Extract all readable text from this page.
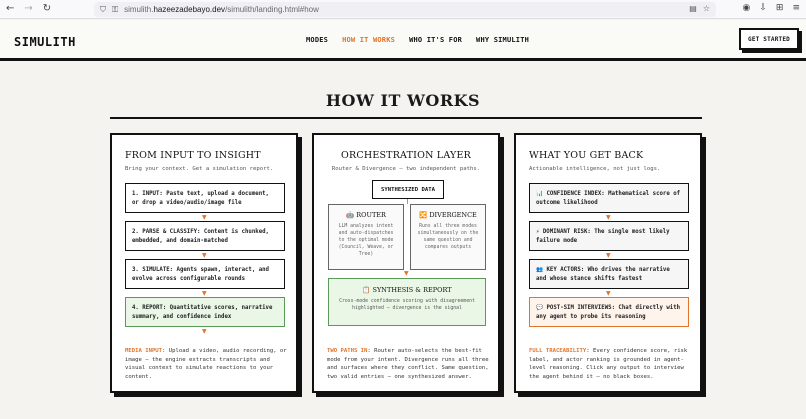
← → ↻	⛉ ⚿ simulith.hazeezadebayo.dev/simulith/landing.html#how	▤ ☆	◉ ⇩ ⊞ ≡
SIMULITH	MODES HOW IT WORKS WHO IT'S FOR WHY SIMULITH	GET STARTED
HOW IT WORKS
FROM INPUT TO INSIGHT
Bring your context. Get a simulation report.
1. INPUT: Paste text, upload a document, or drop a video/audio/image file
▼
2. PARSE & CLASSIFY: Content is chunked, embedded, and domain-matched
▼
3. SIMULATE: Agents spawn, interact, and evolve across configurable rounds
▼
4. REPORT: Quantitative scores, narrative summary, and confidence index
▼

MEDIA INPUT: Upload a video, audio recording, or image — the engine extracts transcripts and visual context to simulate reactions to your content.

ORCHESTRATION LAYER
Router & Divergence — two independent paths.
SYNTHESIZED DATA
🤖 ROUTER
LLM analyzes intent and auto-dispatches to the optimal mode (Council, Weave, or Tree)
🔀 DIVERGENCE
Runs all three modes simultaneously on the same question and compares outputs
▼
📋 SYNTHESIS & REPORT
Cross-mode confidence scoring with disagreement highlighted — divergence is the signal

TWO PATHS IN: Router auto-selects the best-fit mode from your intent. Divergence runs all three and surfaces where they conflict. Same question, two valid entries — one synthesized answer.

WHAT YOU GET BACK
Actionable intelligence, not just logs.
📊 CONFIDENCE INDEX: Mathematical score of outcome likelihood
▼
⚡ DOMINANT RISK: The single most likely failure mode
▼
👥 KEY ACTORS: Who drives the narrative and whose stance shifts fastest
▼
💬 POST-SIM INTERVIEWS: Chat directly with any agent to probe its reasoning

FULL TRACEABILITY: Every confidence score, risk label, and actor ranking is grounded in agent-level reasoning. Click any output to interview the agent behind it — no black boxes.
